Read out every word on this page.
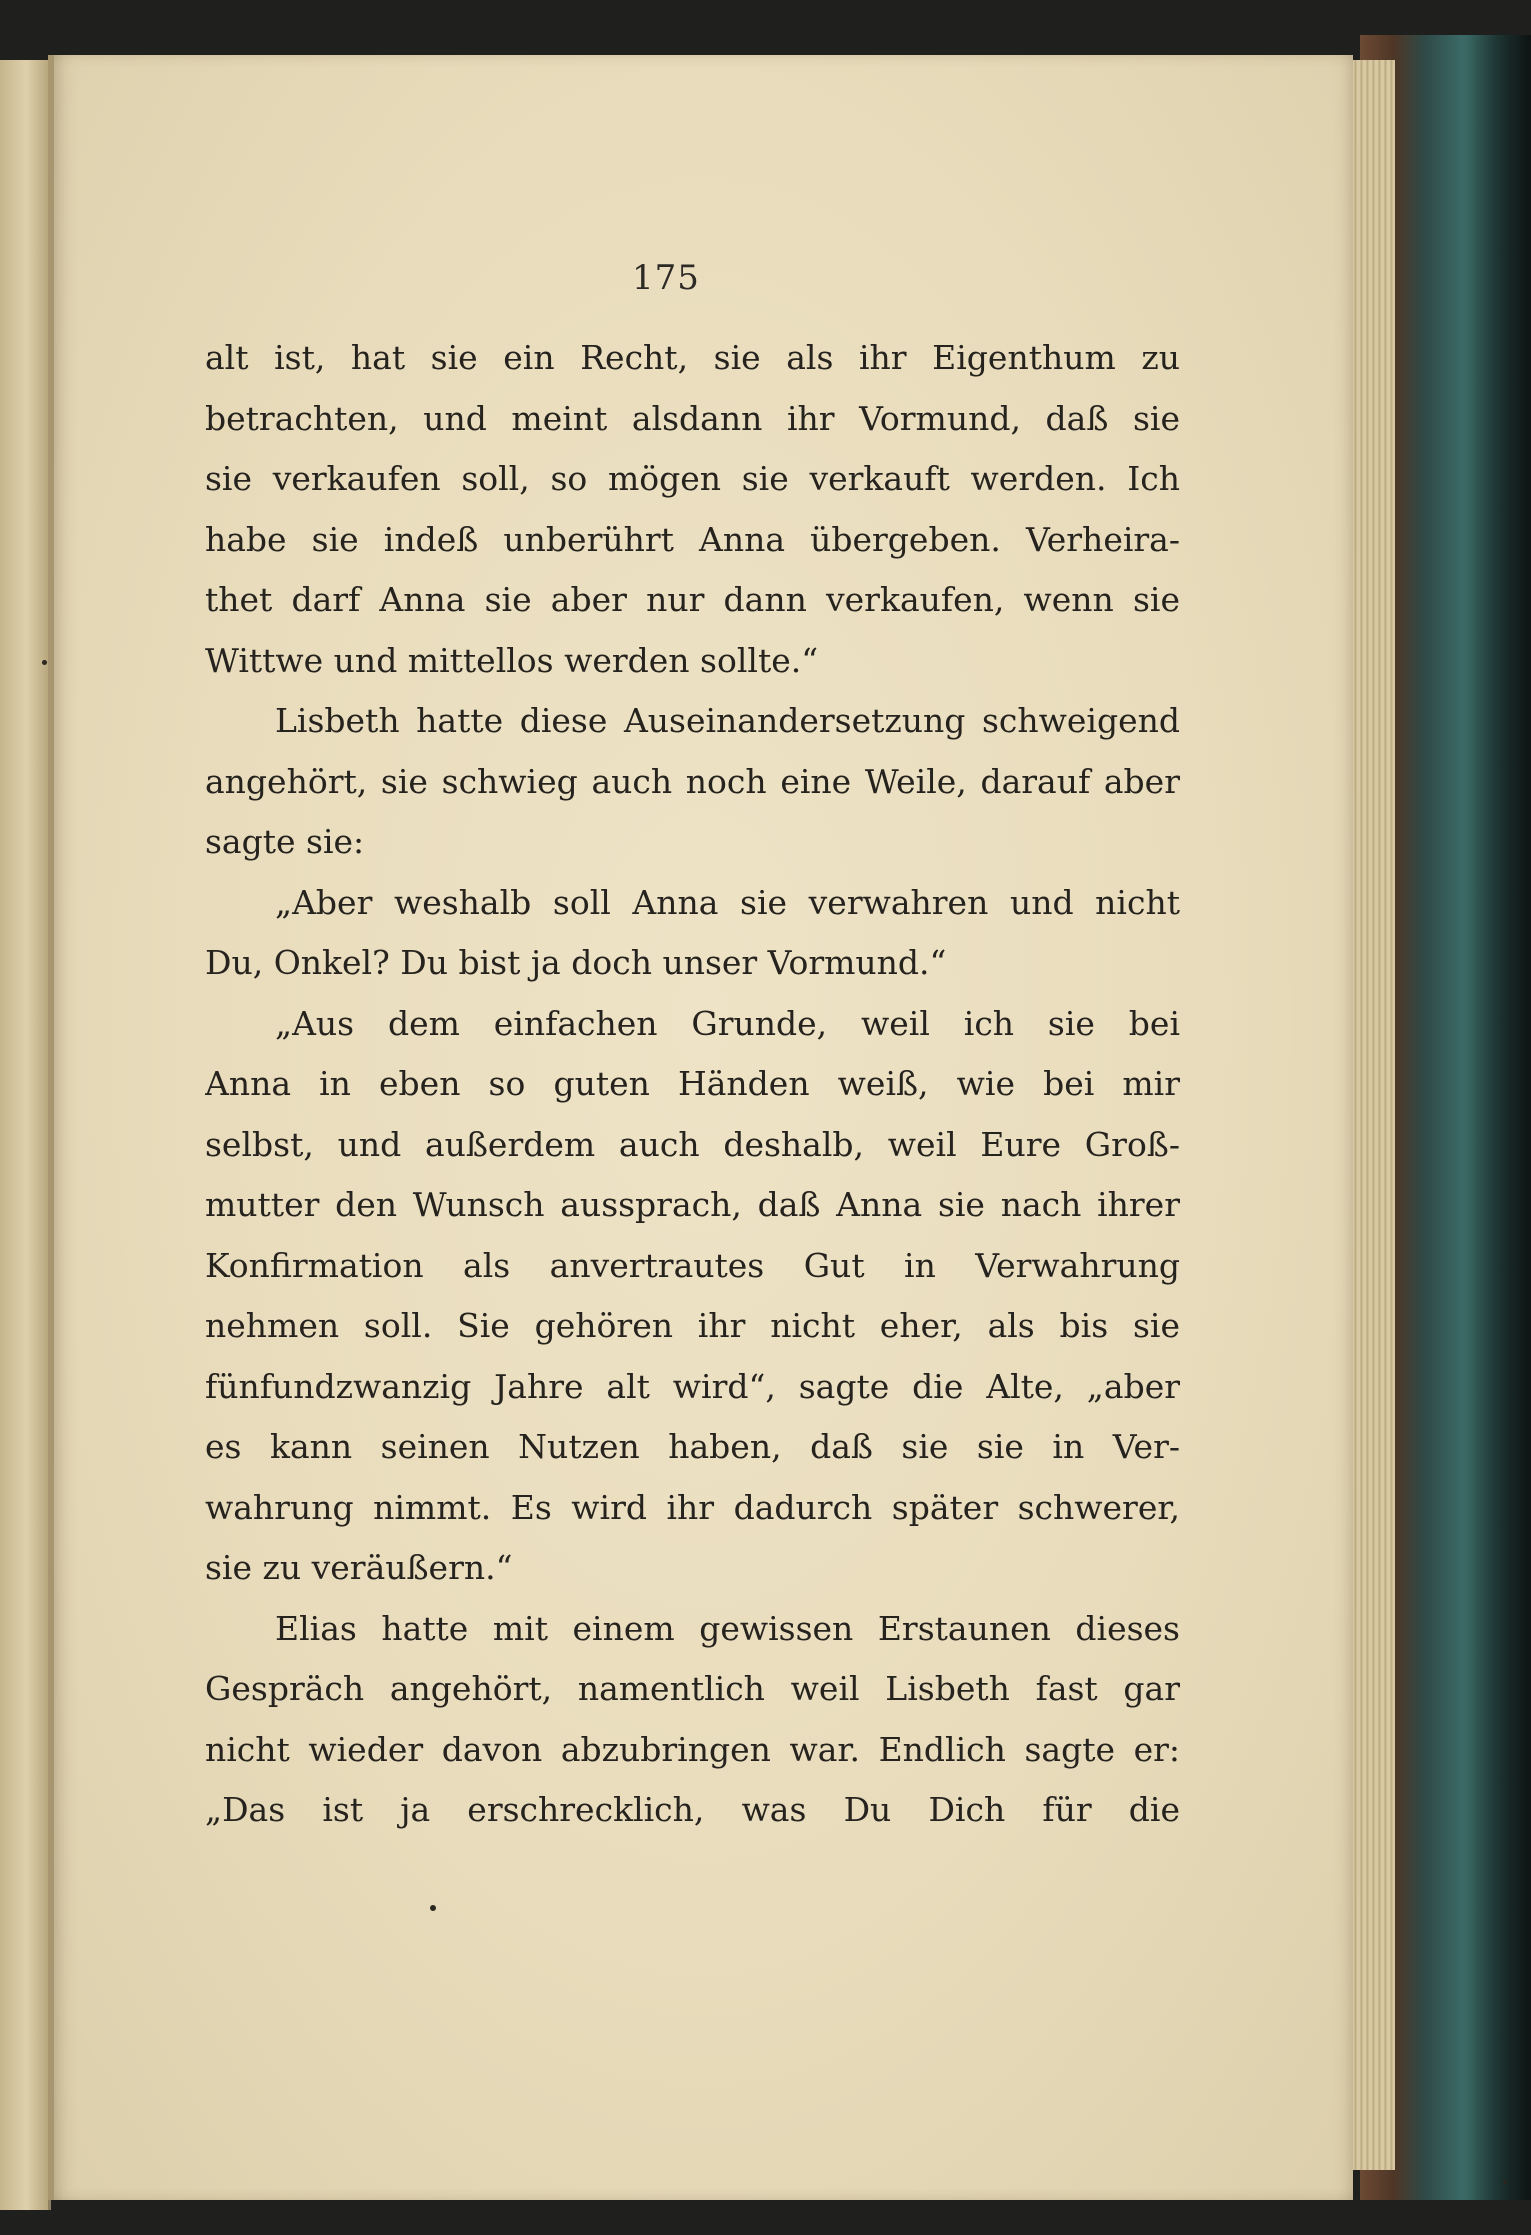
175
alt ist, hat sie ein Recht, sie als ihr Eigenthum zu
betrachten, und meint alsdann ihr Vormund, daß sie
sie verkaufen soll, so mögen sie verkauft werden. Ich
habe sie indeß unberührt Anna übergeben. Verheira-
thet darf Anna sie aber nur dann verkaufen, wenn sie
Wittwe und mittellos werden sollte.“
Lisbeth hatte diese Auseinandersetzung schweigend
angehört, sie schwieg auch noch eine Weile, darauf aber
sagte sie:
„Aber weshalb soll Anna sie verwahren und nicht
Du, Onkel? Du bist ja doch unser Vormund.“
„Aus dem einfachen Grunde, weil ich sie bei
Anna in eben so guten Händen weiß, wie bei mir
selbst, und außerdem auch deshalb, weil Eure Groß-
mutter den Wunsch aussprach, daß Anna sie nach ihrer
Konfirmation als anvertrautes Gut in Verwahrung
nehmen soll. Sie gehören ihr nicht eher, als bis sie
fünfundzwanzig Jahre alt wird“, sagte die Alte, „aber
es kann seinen Nutzen haben, daß sie sie in Ver-
wahrung nimmt. Es wird ihr dadurch später schwerer,
sie zu veräußern.“
Elias hatte mit einem gewissen Erstaunen dieses
Gespräch angehört, namentlich weil Lisbeth fast gar
nicht wieder davon abzubringen war. Endlich sagte er:
„Das ist ja erschrecklich, was Du Dich für die
